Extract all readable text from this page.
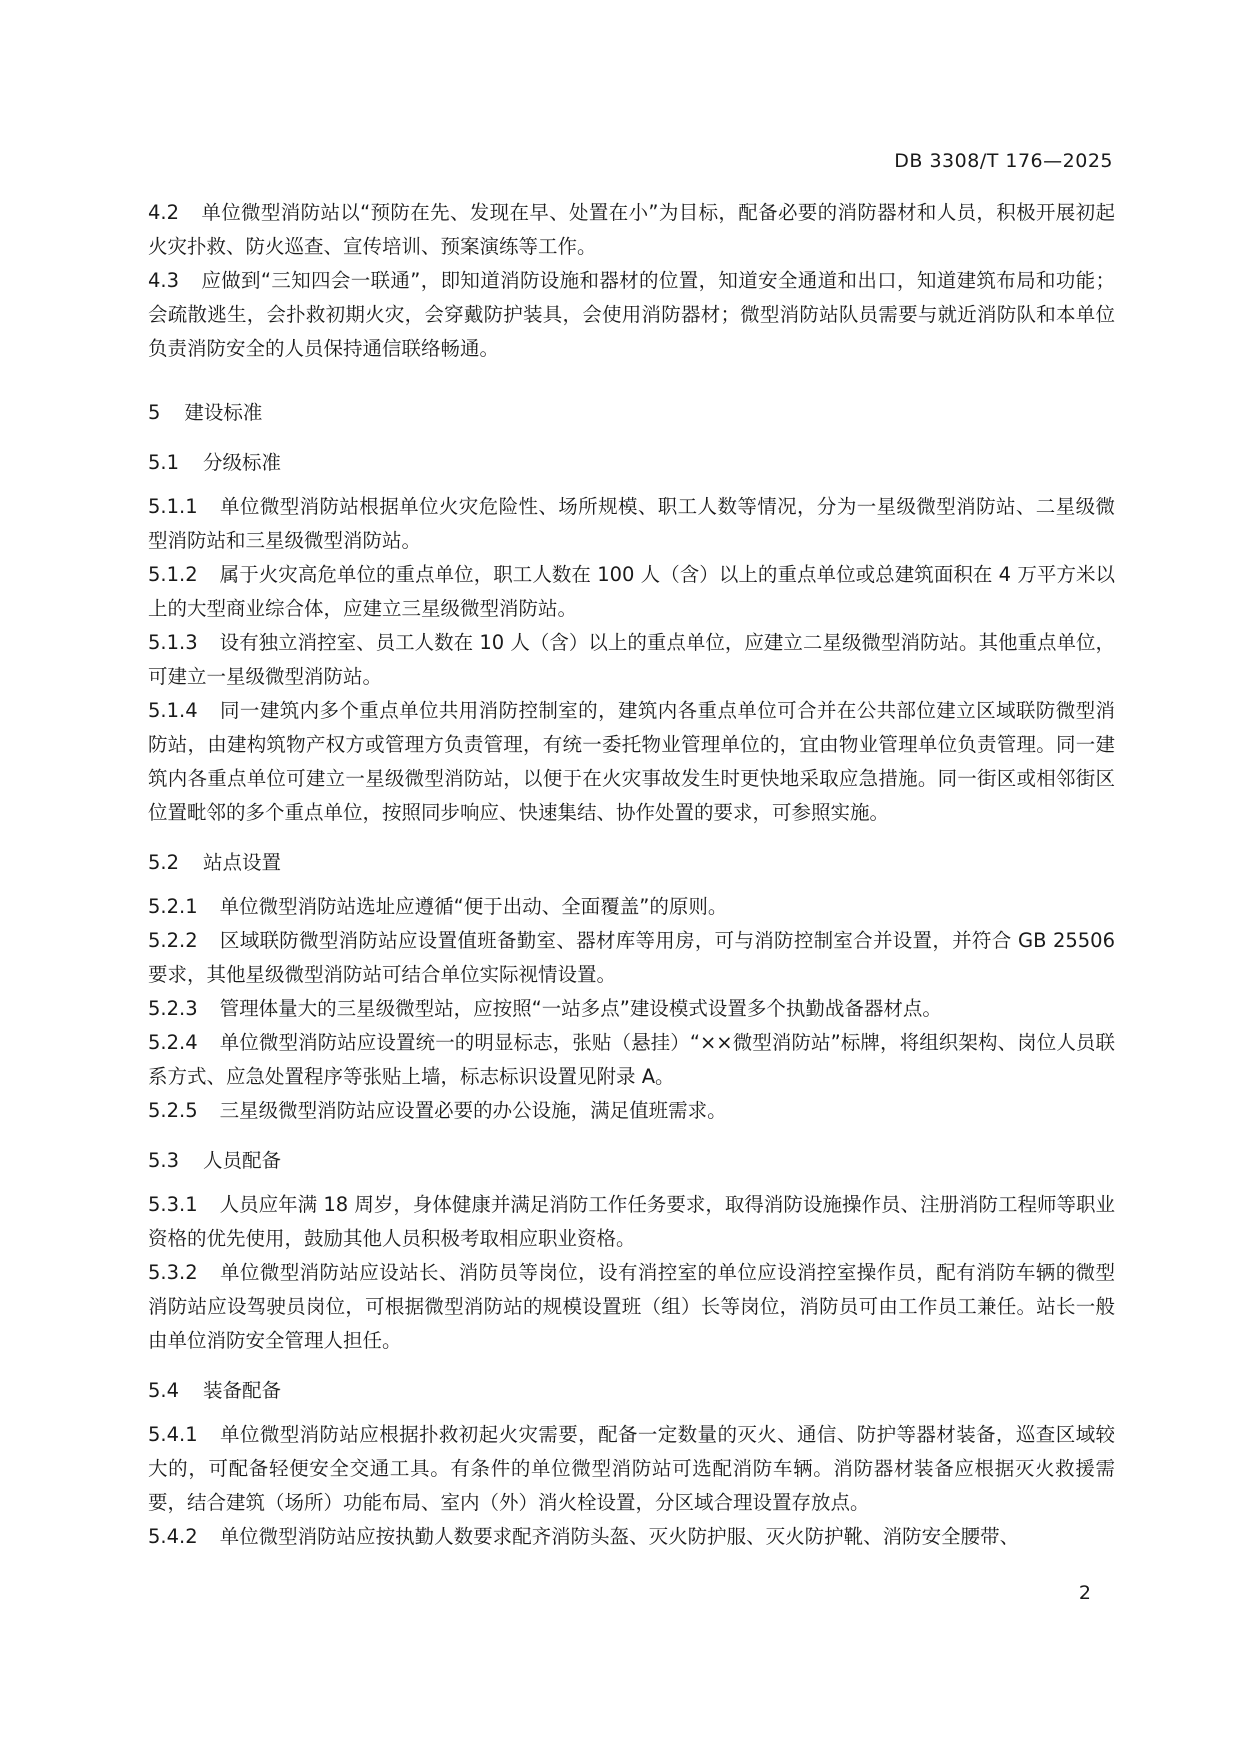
DB 3308/T 176—2025

4.2 单位微型消防站以“预防在先、发现在早、处置在小”为目标，配备必要的消防器材和人员，积极开展初起火灾扑救、防火巡查、宣传培训、预案演练等工作。

4.3 应做到“三知四会一联通”，即知道消防设施和器材的位置，知道安全通道和出口，知道建筑布局和功能；会疏散逃生，会扑救初期火灾，会穿戴防护装具，会使用消防器材；微型消防站队员需要与就近消防队和本单位负责消防安全的人员保持通信联络畅通。

5 建设标准
5.1 分级标准

5.1.1 单位微型消防站根据单位火灾危险性、场所规模、职工人数等情况，分为一星级微型消防站、二星级微型消防站和三星级微型消防站。

5.1.2 属于火灾高危单位的重点单位，职工人数在 100 人（含）以上的重点单位或总建筑面积在 4 万平方米以上的大型商业综合体，应建立三星级微型消防站。

5.1.3 设有独立消控室、员工人数在 10 人（含）以上的重点单位，应建立二星级微型消防站。其他重点单位，可建立一星级微型消防站。

5.1.4 同一建筑内多个重点单位共用消防控制室的，建筑内各重点单位可合并在公共部位建立区域联防微型消防站，由建构筑物产权方或管理方负责管理，有统一委托物业管理单位的，宜由物业管理单位负责管理。同一建筑内各重点单位可建立一星级微型消防站，以便于在火灾事故发生时更快地采取应急措施。同一街区或相邻街区位置毗邻的多个重点单位，按照同步响应、快速集结、协作处置的要求，可参照实施。

5.2 站点设置

5.2.1 单位微型消防站选址应遵循“便于出动、全面覆盖”的原则。

5.2.2 区域联防微型消防站应设置值班备勤室、器材库等用房，可与消防控制室合并设置，并符合 GB 25506 要求，其他星级微型消防站可结合单位实际视情设置。

5.2.3 管理体量大的三星级微型站，应按照“一站多点”建设模式设置多个执勤战备器材点。

5.2.4 单位微型消防站应设置统一的明显标志，张贴（悬挂）“××微型消防站”标牌，将组织架构、岗位人员联系方式、应急处置程序等张贴上墙，标志标识设置见附录 A。

5.2.5 三星级微型消防站应设置必要的办公设施，满足值班需求。

5.3 人员配备

5.3.1 人员应年满 18 周岁，身体健康并满足消防工作任务要求，取得消防设施操作员、注册消防工程师等职业资格的优先使用，鼓励其他人员积极考取相应职业资格。

5.3.2 单位微型消防站应设站长、消防员等岗位，设有消控室的单位应设消控室操作员，配有消防车辆的微型消防站应设驾驶员岗位，可根据微型消防站的规模设置班（组）长等岗位，消防员可由工作员工兼任。站长一般由单位消防安全管理人担任。

5.4 装备配备

5.4.1 单位微型消防站应根据扑救初起火灾需要，配备一定数量的灭火、通信、防护等器材装备，巡查区域较大的，可配备轻便安全交通工具。有条件的单位微型消防站可选配消防车辆。消防器材装备应根据灭火救援需要，结合建筑（场所）功能布局、室内（外）消火栓设置，分区域合理设置存放点。

5.4.2 单位微型消防站应按执勤人数要求配齐消防头盔、灭火防护服、灭火防护靴、消防安全腰带、

2
